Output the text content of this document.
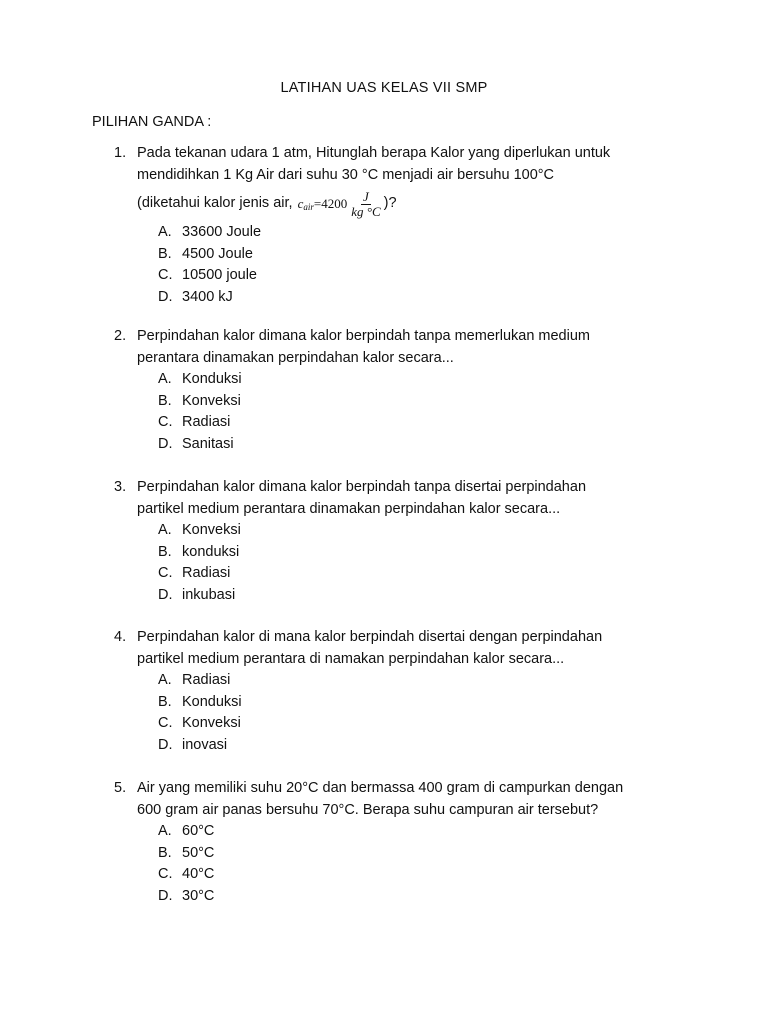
LATIHAN UAS KELAS VII SMP
PILIHAN GANDA :
1. Pada tekanan udara 1 atm, Hitunglah berapa Kalor yang diperlukan untuk

mendidihkan 1 Kg Air dari suhu 30 °C menjadi air bersuhu 100°C

(diketahui kalor jenis air, c air = $4200 \frac{J}{kg ^\circ C}$ )?
A. 33600 Joule
B. 4500 Joule
C. 10500 joule
D. 3400 kJ
2. Perpindahan kalor dimana kalor berpindah tanpa memerlukan medium

perantara dinamakan perpindahan kalor secara...

A. Konduksi
B. Konveksi
C. Radiasi
D. Sanitasi
3. Perpindahan kalor dimana kalor berpindah tanpa disertai perpindahan

partikel medium perantara dinamakan perpindahan kalor secara...

A. Konveksi
B. konduksi
C. Radiasi
D. inkubasi
4. Perpindahan kalor di mana kalor berpindah disertai dengan perpindahan

partikel medium perantara di namakan perpindahan kalor secara...

A. Radiasi
B. Konduksi
C. Konveksi
D. inovasi
5. Air yang memiliki suhu 20°C dan bermassa 400 gram di campurkan dengan

600 gram air panas bersuhu 70°C. Berapa suhu campuran air tersebut?

A. 60°C
B. 50°C
C. 40°C
D. 30°C
